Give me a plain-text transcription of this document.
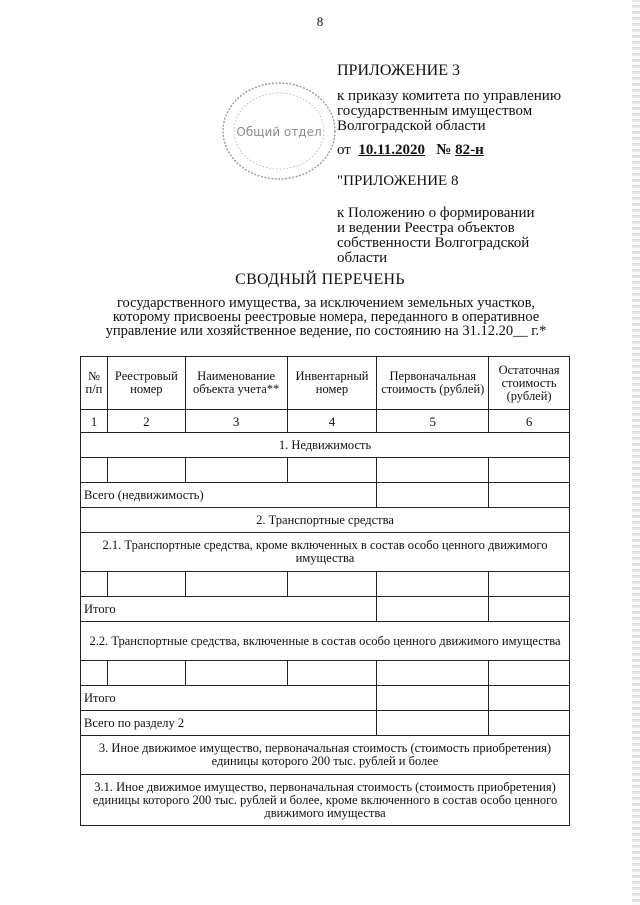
8
Общий отдел
ПРИЛОЖЕНИЕ 3
к приказу комитета по управлению
государственным имуществом
Волгоградской области
от 10.11.2020 № 82-н
"ПРИЛОЖЕНИЕ 8
к Положению о формировании
и ведении Реестра объектов
собственности Волгоградской
области
СВОДНЫЙ ПЕРЕЧЕНЬ
государственного имущества, за исключением земельных участков,
которому присвоены реестровые номера, переданного в оперативное
управление или хозяйственное ведение, по состоянию на 31.12.20__ г.*
№ п/п	Реестровый номер	Наименование объекта учета**	Инвентарный номер	Первоначальная стоимость (рублей)	Остаточная стоимость (рублей)
1	2	3	4	5	6
1. Недвижимость					

Всего (недвижимость)					
2. Транспортные средства					
2.1. Транспортные средства, кроме включенных в состав особо ценного движимого имущества					

Итого					
2.2. Транспортные средства, включенные в состав особо ценного движимого имущества					

Итого					
Всего по разделу 2					
3. Иное движимое имущество, первоначальная стоимость (стоимость приобретения) единицы которого 200 тыс. рублей и более					
3.1. Иное движимое имущество, первоначальная стоимость (стоимость приобретения) единицы которого 200 тыс. рублей и более, кроме включенного в состав особо ценного движимого имущества					
